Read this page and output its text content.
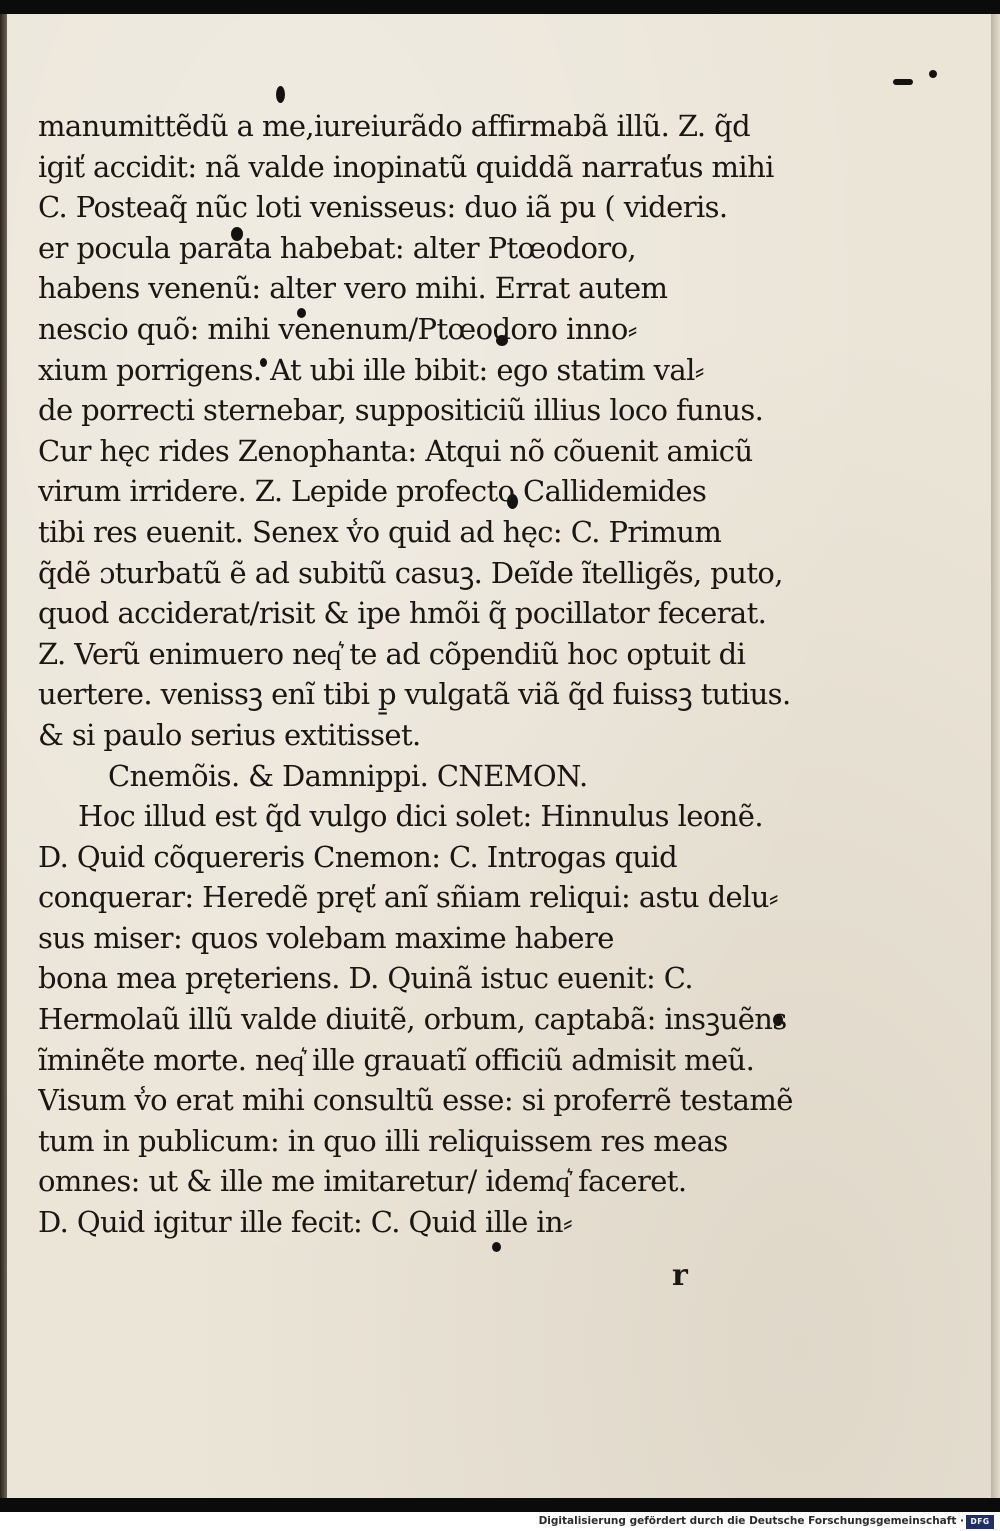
manumittẽdũ a me,iureiurãdo affirmabã illũ. Z. q̃d
igiť accidit: nã valde inopinatũ quiddã narraťus mihi
C. Posteaq̃ nũc loti venisseus: duo iã pu ( videris.
er pocula parata habebat: alter Ptœodoro,
habens venenũ: alter vero mihi. Errat autem
nescio quõ: mihi venenum/Ptœodoro inno⸗
xium porrigens. At ubi ille bibit: ego statim val⸗
de porrecti sternebar, suppositiciũ illius loco funus.
Cur hęc rides Zenophanta: Atqui nõ cõuenit amicũ
virum irridere. Z. Lepide profecto Callidemides
tibi res euenit. Senex v̾o quid ad hęc: C. Primum
q̃dẽ ɔturbatũ ẽ ad subitũ casuꝫ. Deĩde ĩtelligẽs, puto,
quod acciderat/risit & ipe hmõi q̃ pocillator fecerat.
Z. Verũ enimuero neq͛ te ad cõpendiũ hoc optuit di
uertere. venissꝫ enĩ tibi p̱ vulgatã viã q̃d fuissꝫ tutius.
& si paulo serius extitisset.
Cnemõis. & Damnippi. CNEMON.
Hoc illud est q̃d vulgo dici solet: Hinnulus leonẽ.
D. Quid cõquereris Cnemon: C. Introgas quid
conquerar: Heredẽ pręť anĩ sñiam reliqui: astu delu⸗
sus miser: quos volebam maxime habere
bona mea pręteriens. D. Quinã istuc euenit: C.
Hermolaũ illũ valde diuitẽ, orbum, captabã: insꝫuẽns
ĩminẽte morte. neq͛ ille grauatĩ officiũ admisit meũ.
Visum v̾o erat mihi consultũ esse: si proferrẽ testamẽ
tum in publicum: in quo illi reliquissem res meas
omnes: ut & ille me imitaretur/ idemq͛ faceret.
D. Quid igitur ille fecit: C. Quid ille in⸗
r
Digitalisierung gefördert durch die Deutsche Forschungsgemeinschaft · DFG
